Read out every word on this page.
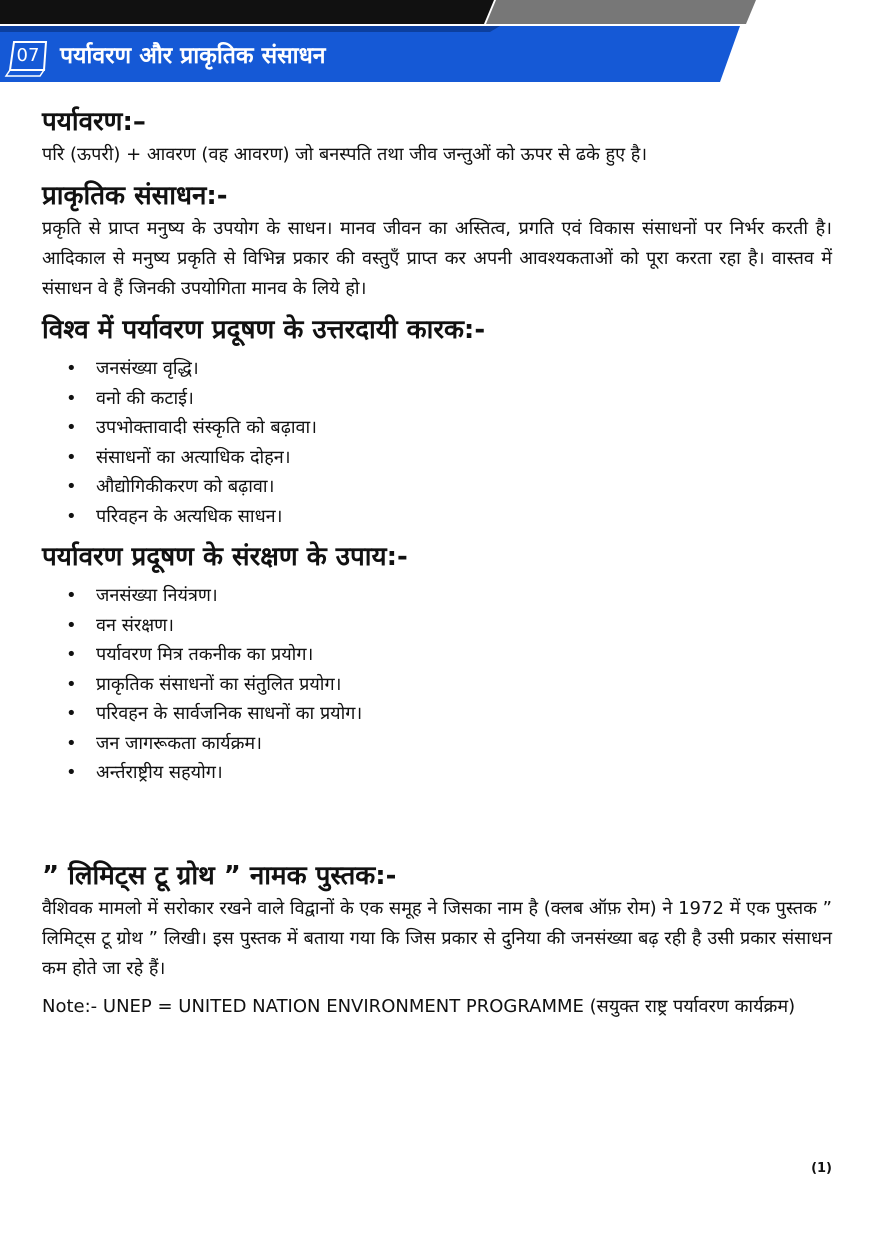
07 पर्यावरण और प्राकृतिक संसाधन
पर्यावरण:–

परि (ऊपरी) + आवरण (वह आवरण) जो बनस्पति तथा जीव जन्तुओं को ऊपर से ढके हुए है।

प्राकृतिक संसाधन:-

प्रकृति से प्राप्त मनुष्य के उपयोग के साधन। मानव जीवन का अस्तित्व, प्रगति एवं विकास संसाधनों पर निर्भर करती है। आदिकाल से मनुष्य प्रकृति से विभिन्न प्रकार की वस्तुएँ प्राप्त कर अपनी आवश्यकताओं को पूरा करता रहा है। वास्तव में संसाधन वे हैं जिनकी उपयोगिता मानव के लिये हो।

विश्व में पर्यावरण प्रदूषण के उत्तरदायी कारक:-
• जनसंख्या वृद्धि।
• वनो की कटाई।
• उपभोक्तावादी संस्कृति को बढ़ावा।
• संसाधनों का अत्याधिक दोहन।
• औद्योगिकीकरण को बढ़ावा।
• परिवहन के अत्यधिक साधन।
पर्यावरण प्रदूषण के संरक्षण के उपाय:-
• जनसंख्या नियंत्रण।
• वन संरक्षण।
• पर्यावरण मित्र तकनीक का प्रयोग।
• प्राकृतिक संसाधनों का संतुलित प्रयोग।
• परिवहन के सार्वजनिक साधनों का प्रयोग।
• जन जागरूकता कार्यक्रम।
• अर्न्तराष्ट्रीय सहयोग।
” लिमिट्स टू ग्रोथ ” नामक पुस्तक:-

वैशिवक मामलो में सरोकार रखने वाले विद्वानों के एक समूह ने जिसका नाम है (क्लब ऑफ़ रोम) ने 1972 में एक पुस्तक ” लिमिट्स टू ग्रोथ ” लिखी। इस पुस्तक में बताया गया कि जिस प्रकार से दुनिया की जनसंख्या बढ़ रही है उसी प्रकार संसाधन कम होते जा रहे हैं।

Note:- UNEP = UNITED NATION ENVIRONMENT PROGRAMME (सयुक्त राष्ट्र पर्यावरण कार्यक्रम)

(1)
